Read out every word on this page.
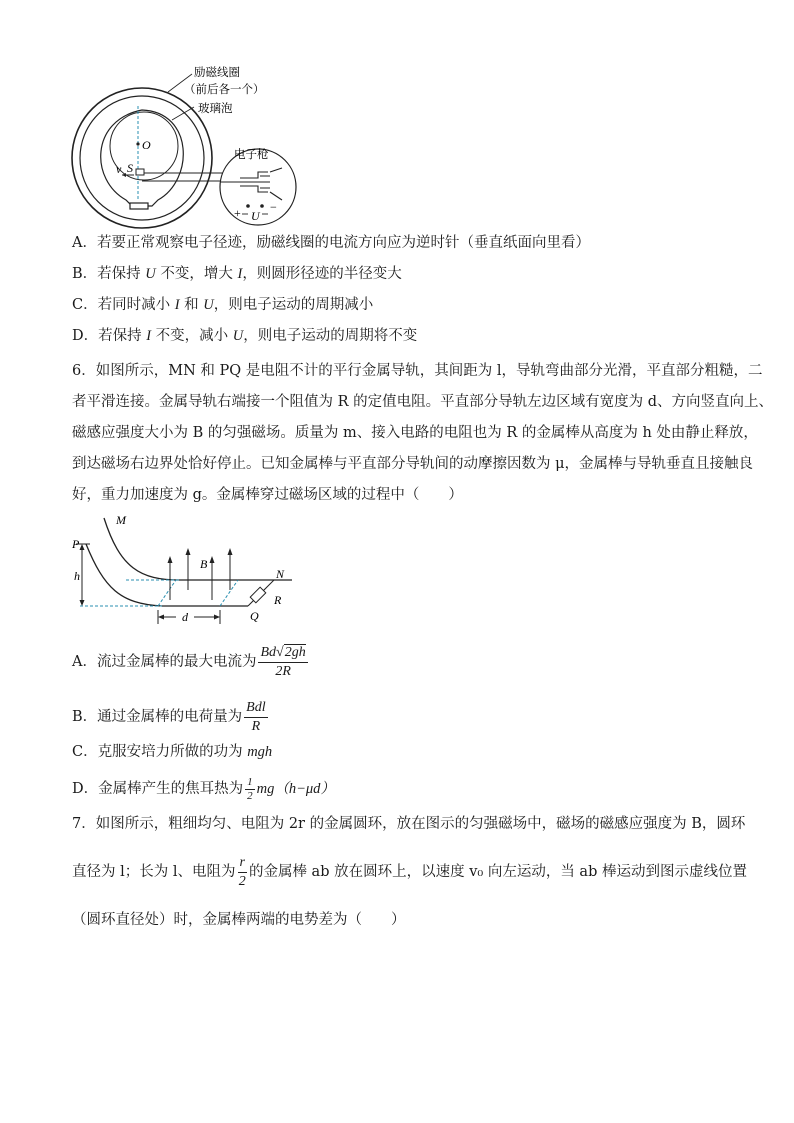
O
v S
+ −
U
励磁线圈
（前后各一个）
玻璃泡
电子枪
A．若要正常观察电子径迹，励磁线圈的电流方向应为逆时针（垂直纸面向里看）
B．若保持 U 不变，增大 I，则圆形径迹的半径变大
C．若同时减小 I 和 U，则电子运动的周期减小
D．若保持 I 不变，减小 U，则电子运动的周期将不变
6．如图所示，MN 和 PQ 是电阻不计的平行金属导轨，其间距为 l，导轨弯曲部分光滑，平直部分粗糙，二
者平滑连接。金属导轨右端接一个阻值为 R 的定值电阻。平直部分导轨左边区域有宽度为 d、方向竖直向上、
磁感应强度大小为 B 的匀强磁场。质量为 m、接入电路的电阻也为 R 的金属棒从高度为 h 处由静止释放，
到达磁场右边界处恰好停止。已知金属棒与平直部分导轨间的动摩擦因数为 μ，金属棒与导轨垂直且接触良
好，重力加速度为 g。金属棒穿过磁场区域的过程中（　　）
M
P
B
N
h
R
Q
d
A．流过金属棒的最大电流为 $\frac{Bd√2gh}{2R}$
B．通过金属棒的电荷量为 $\frac{\text{Bdl}}{R}$
C．克服安培力所做的功为 mgh
D．金属棒产生的焦耳热为 $\frac{1}{2} mg(h-\mu d)$
7．如图所示，粗细均匀、电阻为 2r 的金属圆环，放在图示的匀强磁场中，磁场的磁感应强度为 B，圆环
直径为 l；长为 l、电阻为 $\frac{r}{2}$ 的金属棒 ab 放在圆环上，以速度 v₀ 向左运动，当 ab 棒运动到图示虚线位置
（圆环直径处）时，金属棒两端的电势差为（　　）
